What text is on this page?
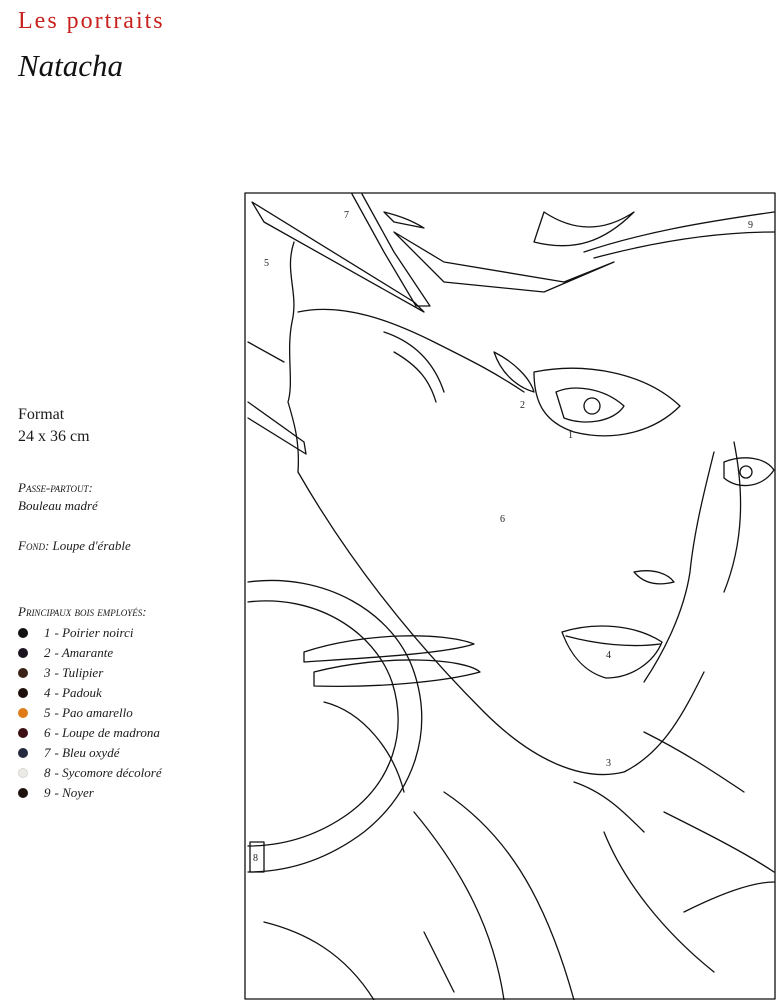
Les portraits
Natacha
Format
24 x 36 cm
Passe-partout:
Bouleau madré
Fond: Loupe d'érable
Principaux bois employés:
1 - Poirier noirci
2 - Amarante
3 - Tulipier
4 - Padouk
5 - Pao amarello
6 - Loupe de madrona
7 - Bleu oxydé
8 - Sycomore décoloré
9 - Noyer
7
9
5
2
1
6
4
3
8
